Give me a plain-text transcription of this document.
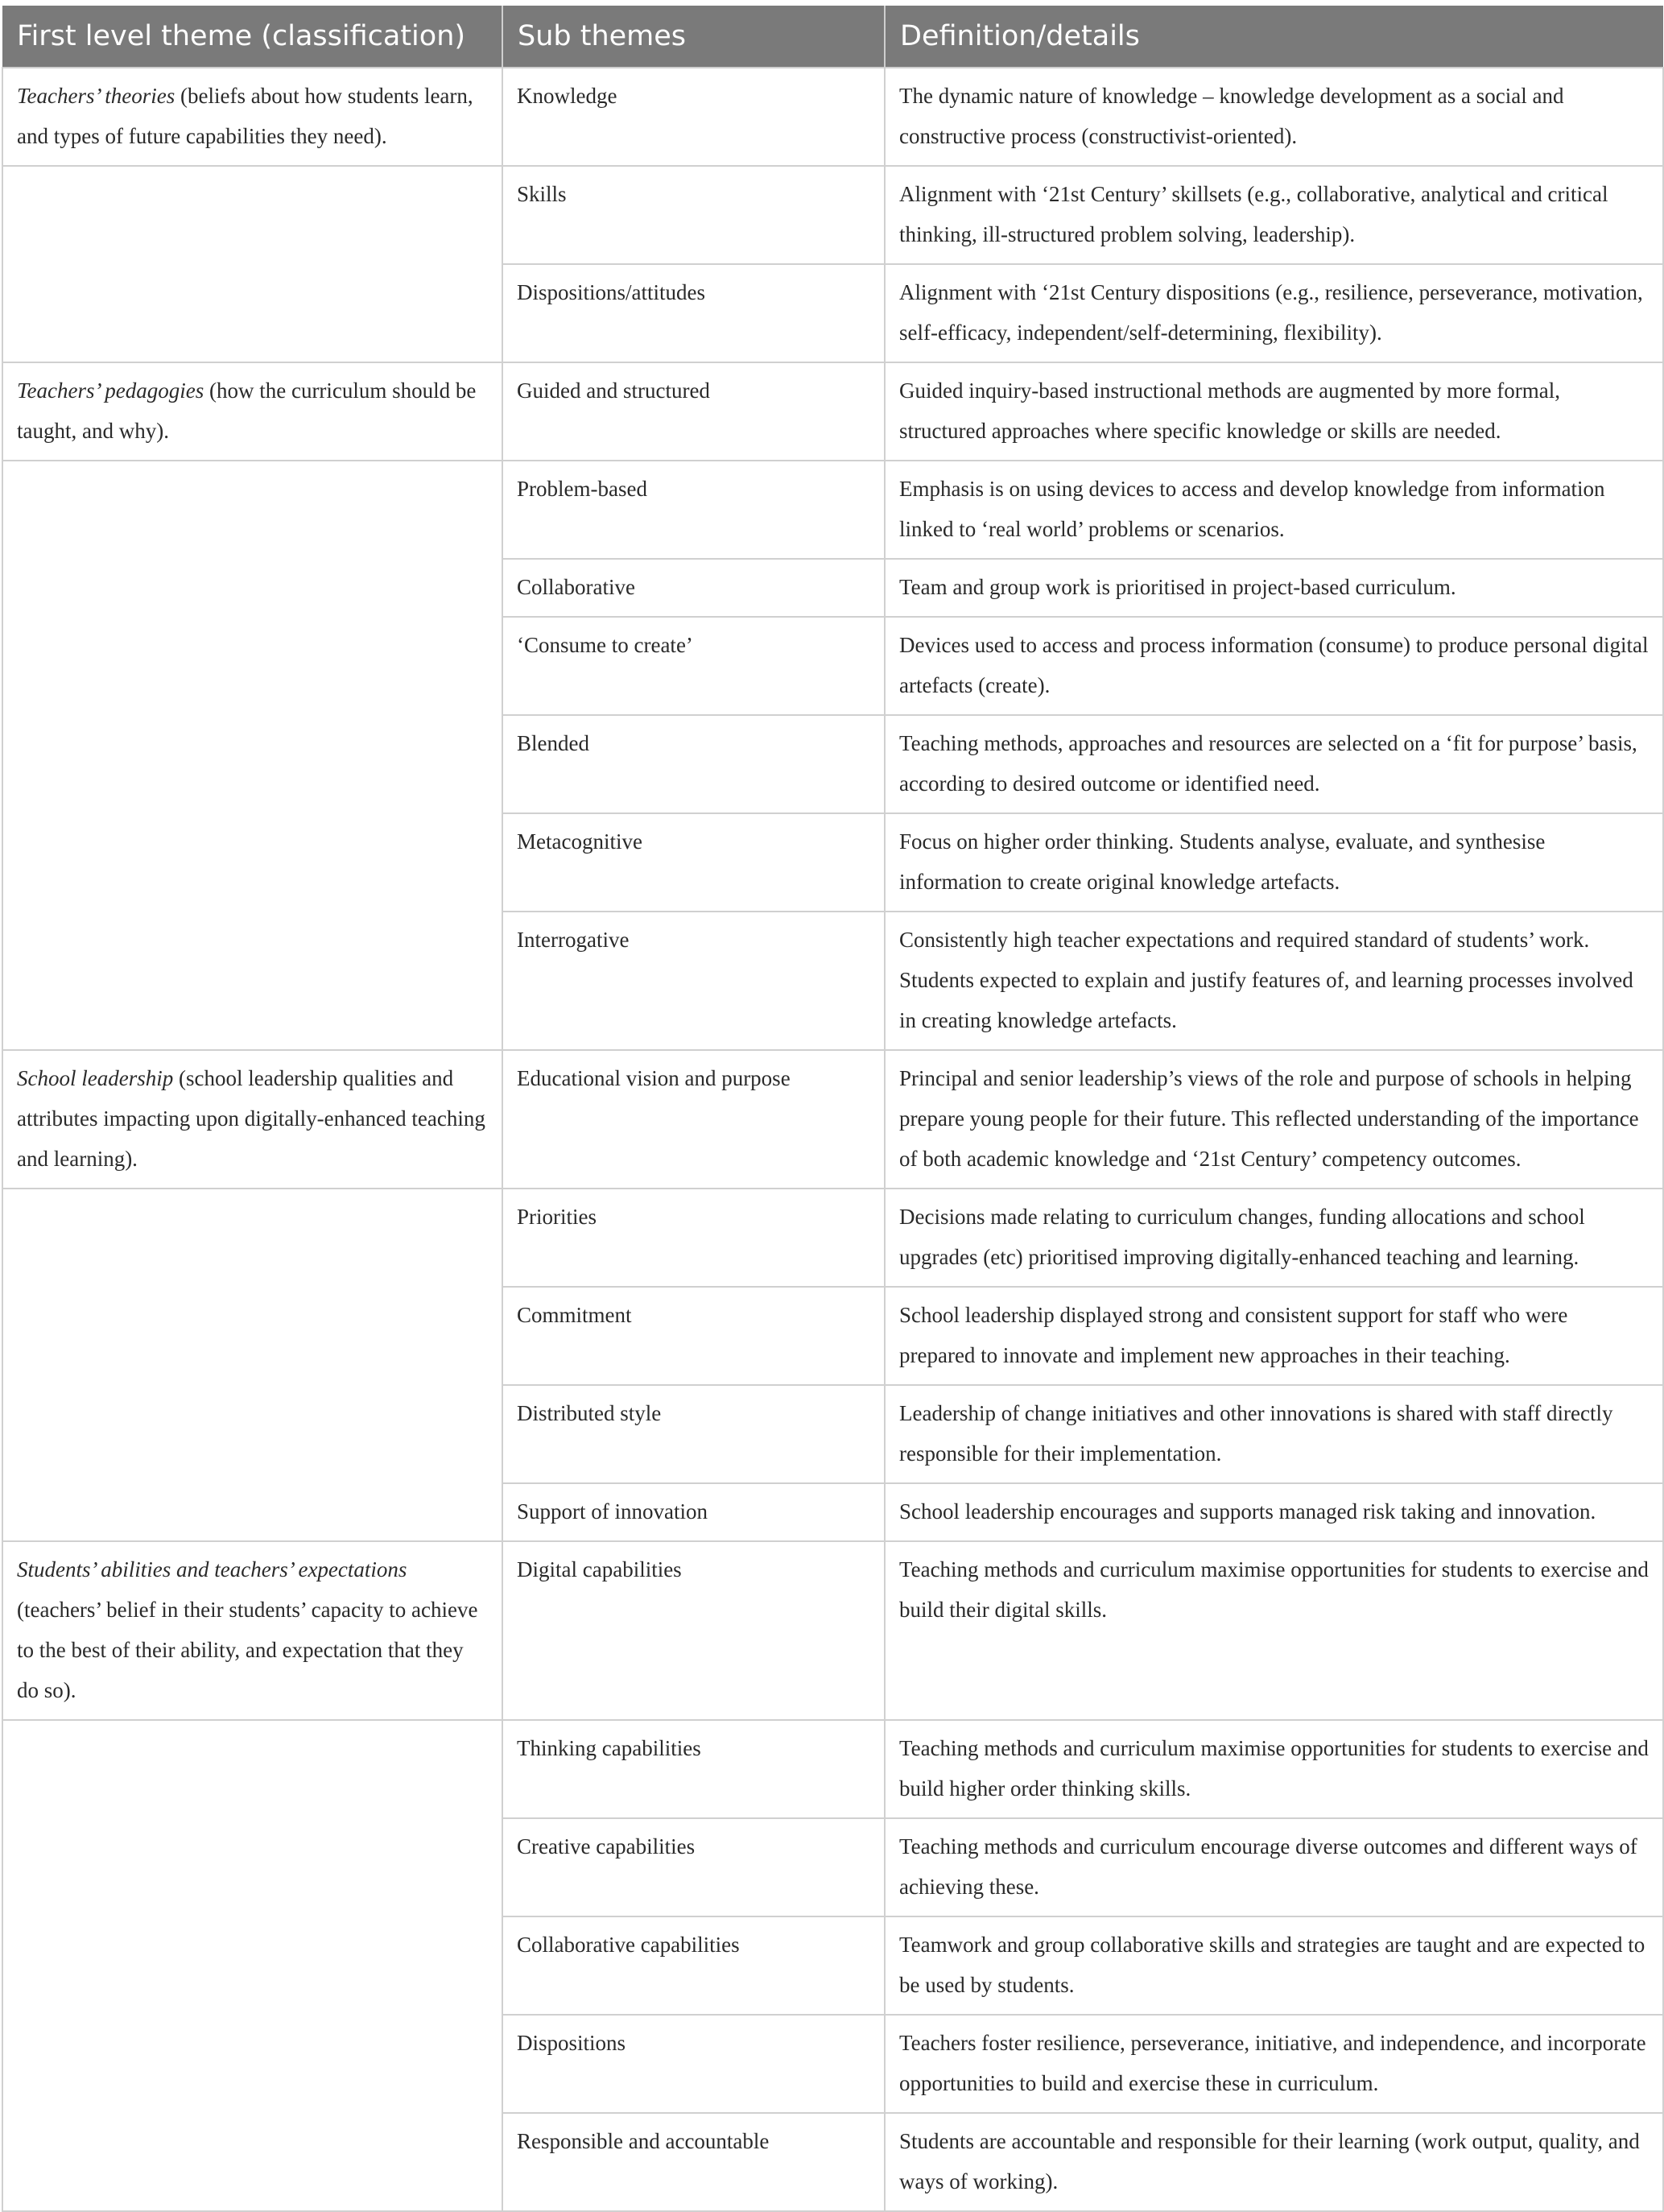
First level theme (classification)	Sub themes	Definition/details
Teachers’ theories (beliefs about how students learn, and types of future capabilities they need).	Knowledge	The dynamic nature of knowledge – knowledge development as a social and constructive process (constructivist-oriented).
	Skills	Alignment with ‘21st Century’ skillsets (e.g., collaborative, analytical and critical thinking, ill-structured problem solving, leadership).
	Dispositions/attitudes	Alignment with ‘21st Century dispositions (e.g., resilience, perseverance, motivation, self-efficacy, independent/self-determining, flexibility).
Teachers’ pedagogies (how the curriculum should be taught, and why).	Guided and structured	Guided inquiry-based instructional methods are augmented by more formal, structured approaches where specific knowledge or skills are needed.
	Problem-based	Emphasis is on using devices to access and develop knowledge from information linked to ‘real world’ problems or scenarios.
	Collaborative	Team and group work is prioritised in project-based curriculum.
	‘Consume to create’	Devices used to access and process information (consume) to produce personal digital artefacts (create).
	Blended	Teaching methods, approaches and resources are selected on a ‘fit for purpose’ basis, according to desired outcome or identified need.
	Metacognitive	Focus on higher order thinking. Students analyse, evaluate, and synthesise information to create original knowledge artefacts.
	Interrogative	Consistently high teacher expectations and required standard of students’ work. Students expected to explain and justify features of, and learning processes involved in creating knowledge artefacts.
School leadership (school leadership qualities and attributes impacting upon digitally-enhanced teaching and learning).	Educational vision and purpose	Principal and senior leadership’s views of the role and purpose of schools in helping prepare young people for their future. This reflected understanding of the importance of both academic knowledge and ‘21st Century’ competency outcomes.
	Priorities	Decisions made relating to curriculum changes, funding allocations and school upgrades (etc) prioritised improving digitally-enhanced teaching and learning.
	Commitment	School leadership displayed strong and consistent support for staff who were prepared to innovate and implement new approaches in their teaching.
	Distributed style	Leadership of change initiatives and other innovations is shared with staff directly responsible for their implementation.
	Support of innovation	School leadership encourages and supports managed risk taking and innovation.
Students’ abilities and teachers’ expectations (teachers’ belief in their students’ capacity to achieve to the best of their ability, and expectation that they do so).	Digital capabilities	Teaching methods and curriculum maximise opportunities for students to exercise and build their digital skills.
	Thinking capabilities	Teaching methods and curriculum maximise opportunities for students to exercise and build higher order thinking skills.
	Creative capabilities	Teaching methods and curriculum encourage diverse outcomes and different ways of achieving these.
	Collaborative capabilities	Teamwork and group collaborative skills and strategies are taught and are expected to be used by students.
	Dispositions	Teachers foster resilience, perseverance, initiative, and independence, and incorporate opportunities to build and exercise these in curriculum.
	Responsible and accountable	Students are accountable and responsible for their learning (work output, quality, and ways of working).
